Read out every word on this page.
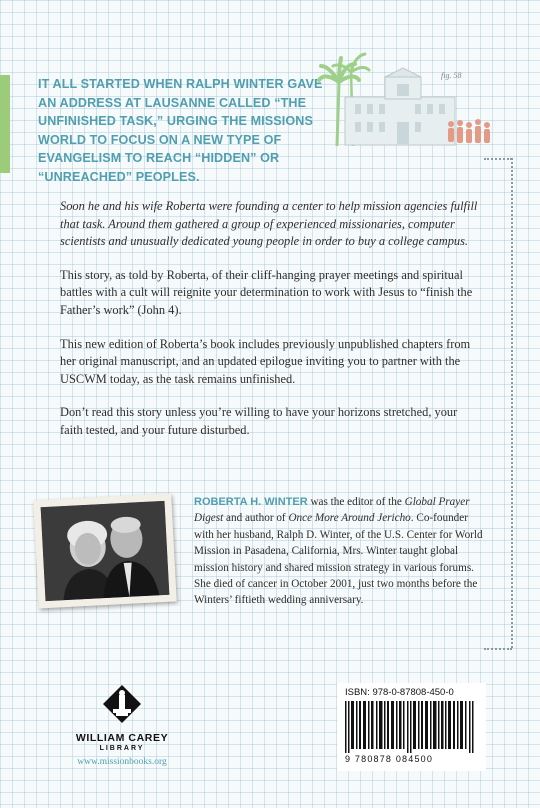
IT ALL STARTED WHEN RALPH WINTER GAVE AN ADDRESS AT LAUSANNE CALLED “THE UNFINISHED TASK,” URGING THE MISSIONS WORLD TO FOCUS ON A NEW TYPE OF EVANGELISM TO REACH “HIDDEN” OR “UNREACHED” PEOPLES.
fig. 58

Soon he and his wife Roberta were founding a center to help mission agencies fulfill that task. Around them gathered a group of experienced missionaries, computer scientists and unusually dedicated young people in order to buy a college campus.

This story, as told by Roberta, of their cliff-hanging prayer meetings and spiritual battles with a cult will reignite your determination to work with Jesus to “finish the Father’s work” (John 4).

This new edition of Roberta’s book includes previously unpublished chapters from her original manuscript, and an updated epilogue inviting you to partner with the USCWM today, as the task remains unfinished.

Don’t read this story unless you’re willing to have your horizons stretched, your faith tested, and your future disturbed.

ROBERTA H. WINTER was the editor of the Global Prayer Digest and author of Once More Around Jericho. Co-founder with her husband, Ralph D. Winter, of the U.S. Center for World Mission in Pasadena, California, Mrs. Winter taught global mission history and shared mission strategy in various forums. She died of cancer in October 2001, just two months before the Winters’ fiftieth wedding anniversary.
WILLIAM CAREY
LIBRARY
www.missionbooks.org
ISBN: 978-0-87808-450-0
9 780878 084500
